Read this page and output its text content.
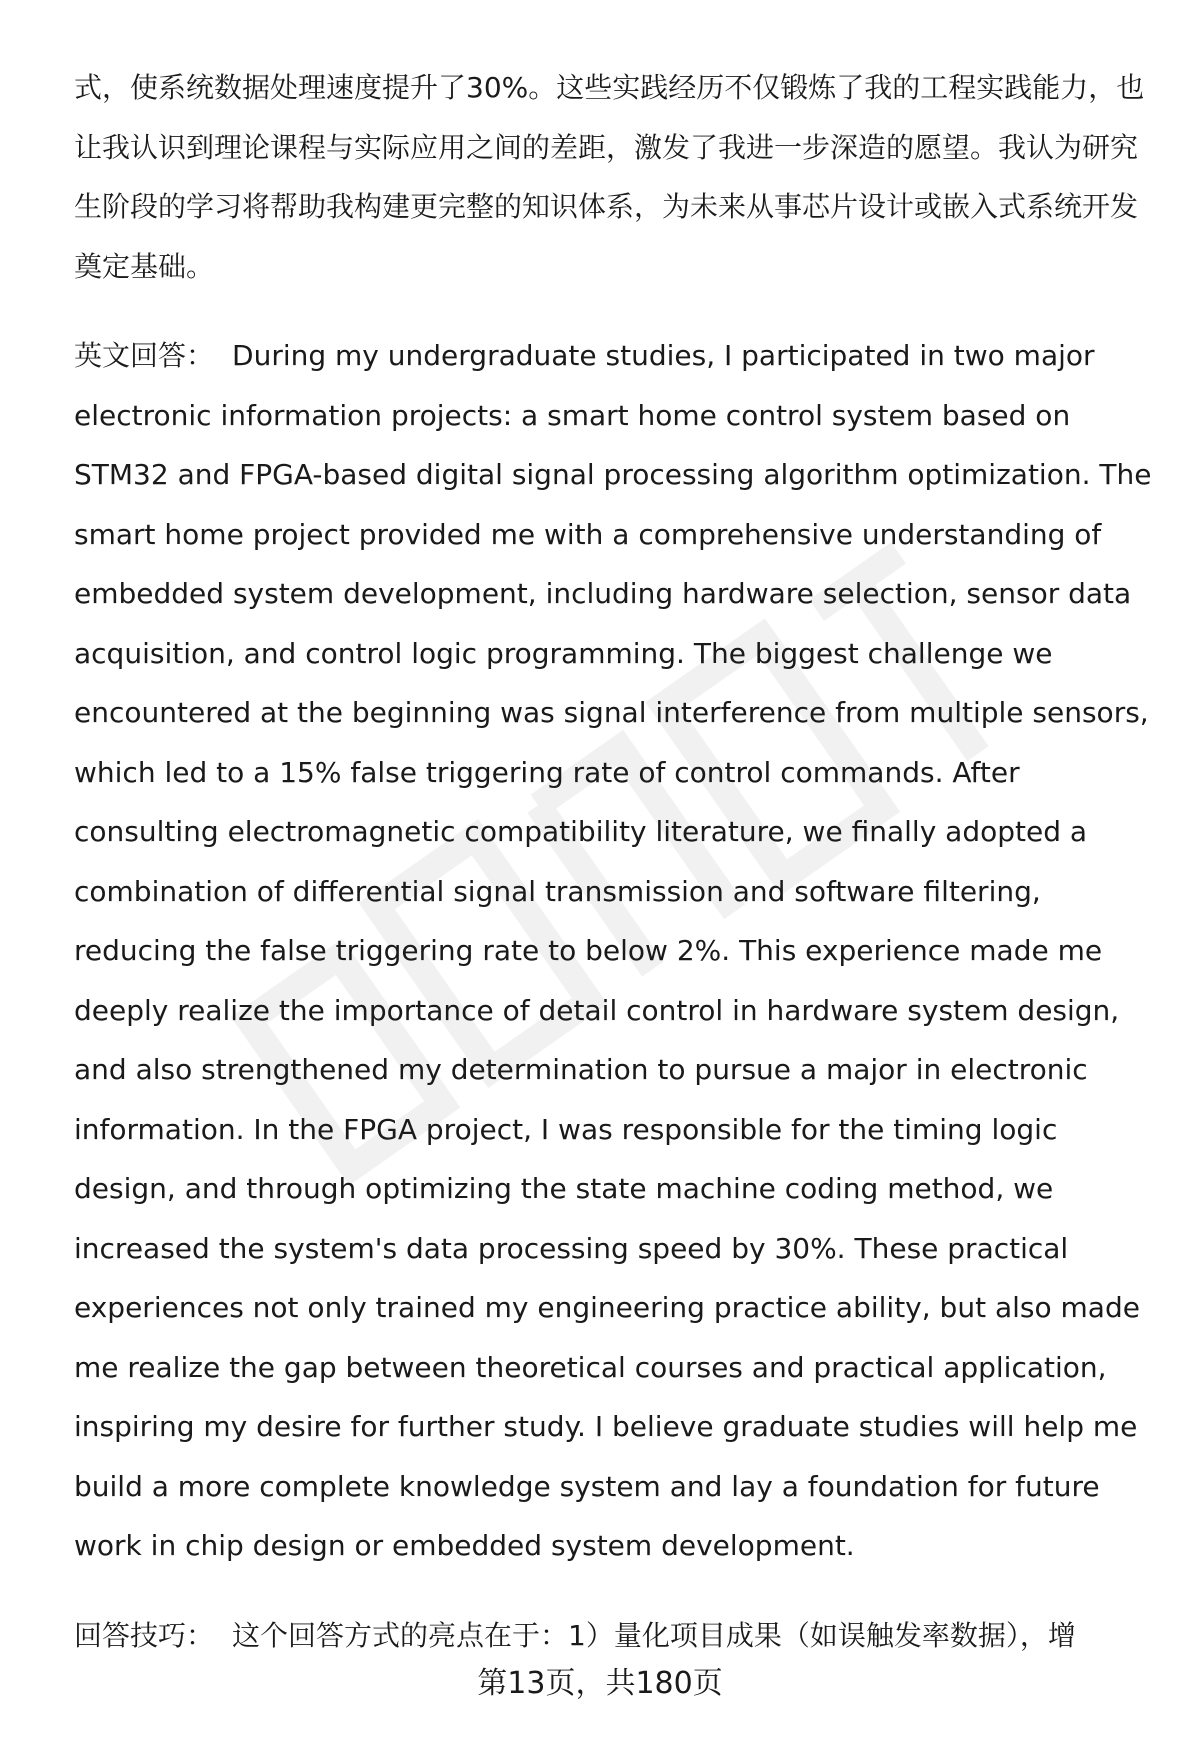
式，使系统数据处理速度提升了30%。这些实践经历不仅锻炼了我的工程实践能力，也让我认识到理论课程与实际应用之间的差距，激发了我进一步深造的愿望。我认为研究生阶段的学习将帮助我构建更完整的知识体系，为未来从事芯片设计或嵌入式系统开发奠定基础。

英文回答： During my undergraduate studies, I participated in two major electronic information projects: a smart home control system based on STM32 and FPGA-based digital signal processing algorithm optimization. The smart home project provided me with a comprehensive understanding of embedded system development, including hardware selection, sensor data acquisition, and control logic programming. The biggest challenge we encountered at the beginning was signal interference from multiple sensors, which led to a 15% false triggering rate of control commands. After consulting electromagnetic compatibility literature, we finally adopted a combination of differential signal transmission and software filtering, reducing the false triggering rate to below 2%. This experience made me deeply realize the importance of detail control in hardware system design, and also strengthened my determination to pursue a major in electronic information. In the FPGA project, I was responsible for the timing logic design, and through optimizing the state machine coding method, we increased the system's data processing speed by 30%. These practical experiences not only trained my engineering practice ability, but also made me realize the gap between theoretical courses and practical application, inspiring my desire for further study. I believe graduate studies will help me build a more complete knowledge system and lay a foundation for future work in chip design or embedded system development.

回答技巧： 这个回答方式的亮点在于：1）量化项目成果（如误触发率数据），增

第13页，共180页
